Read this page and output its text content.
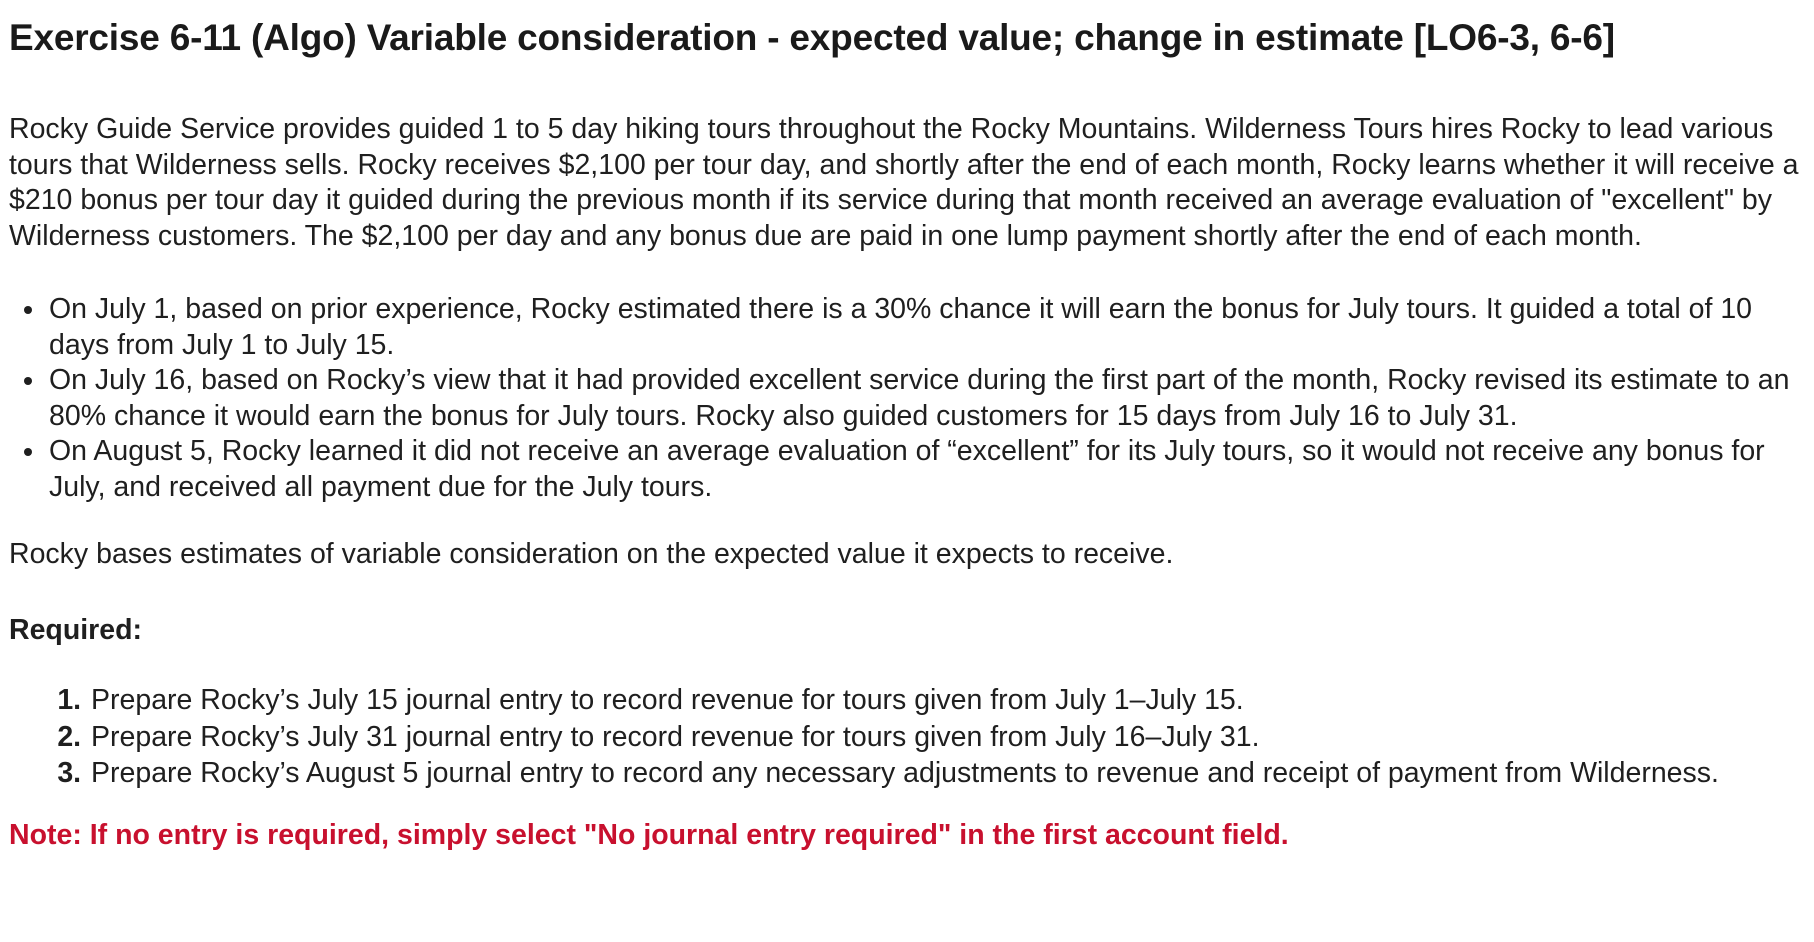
Exercise 6-11 (Algo) Variable consideration - expected value; change in estimate [LO6-3, 6-6]

Rocky Guide Service provides guided 1 to 5 day hiking tours throughout the Rocky Mountains. Wilderness Tours hires Rocky to lead various tours that Wilderness sells. Rocky receives $2,100 per tour day, and shortly after the end of each month, Rocky learns whether it will receive a $210 bonus per tour day it guided during the previous month if its service during that month received an average evaluation of "excellent" by Wilderness customers. The $2,100 per day and any bonus due are paid in one lump payment shortly after the end of each month.

• On July 1, based on prior experience, Rocky estimated there is a 30% chance it will earn the bonus for July tours. It guided a total of 10 days from July 1 to July 15.
• On July 16, based on Rocky’s view that it had provided excellent service during the first part of the month, Rocky revised its estimate to an 80% chance it would earn the bonus for July tours. Rocky also guided customers for 15 days from July 16 to July 31.
• On August 5, Rocky learned it did not receive an average evaluation of “excellent” for its July tours, so it would not receive any bonus for July, and received all payment due for the July tours.

Rocky bases estimates of variable consideration on the expected value it expects to receive.

Required:

1. Prepare Rocky’s July 15 journal entry to record revenue for tours given from July 1–July 15.
2. Prepare Rocky’s July 31 journal entry to record revenue for tours given from July 16–July 31.
3. Prepare Rocky’s August 5 journal entry to record any necessary adjustments to revenue and receipt of payment from Wilderness.

Note: If no entry is required, simply select "No journal entry required" in the first account field.
